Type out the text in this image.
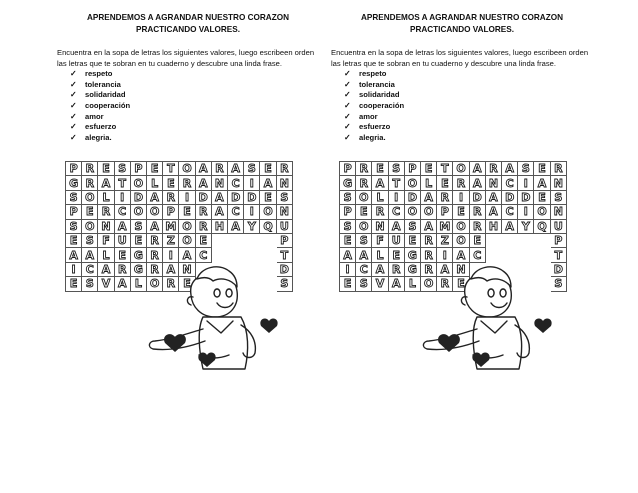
APRENDEMOS A AGRANDAR NUESTRO CORAZON PRACTICANDO VALORES.

Encuentra en la sopa de letras los siguientes valores, luego escribeen orden las letras que te sobran en tu cuaderno y descubre una linda frase.

✓ respeto
✓ tolerancia
✓ solidaridad
✓ cooperación
✓ amor
✓ esfuerzo
✓ alegria.
P	R	E	S	P	E	T	O	A	R	A	S	E	R
G	R	A	T	O	L	E	R	A	N	C	I	A	N
S	O	L	I	D	A	R	I	D	A	D	D	E	S
P	E	R	C	O	O	P	E	R	A	C	I	O	N
S	O	N	A	S	A	M	O	R	H	A	Y	Q	U
E	S	F	U	E	R	Z	O	E					P
A	A	L	E	G	R	I	A	C					T
I	C	A	R	G	R	A	N						D
E	S	V	A	L	O	R	E						S

APRENDEMOS A AGRANDAR NUESTRO CORAZON PRACTICANDO VALORES.

Encuentra en la sopa de letras los siguientes valores, luego escribeen orden las letras que te sobran en tu cuaderno y descubre una linda frase.

✓ respeto
✓ tolerancia
✓ solidaridad
✓ cooperación
✓ amor
✓ esfuerzo
✓ alegria.
P	R	E	S	P	E	T	O	A	R	A	S	E	R
G	R	A	T	O	L	E	R	A	N	C	I	A	N
S	O	L	I	D	A	R	I	D	A	D	D	E	S
P	E	R	C	O	O	P	E	R	A	C	I	O	N
S	O	N	A	S	A	M	O	R	H	A	Y	Q	U
E	S	F	U	E	R	Z	O	E					P
A	A	L	E	G	R	I	A	C					T
I	C	A	R	G	R	A	N						D
E	S	V	A	L	O	R	E						S
